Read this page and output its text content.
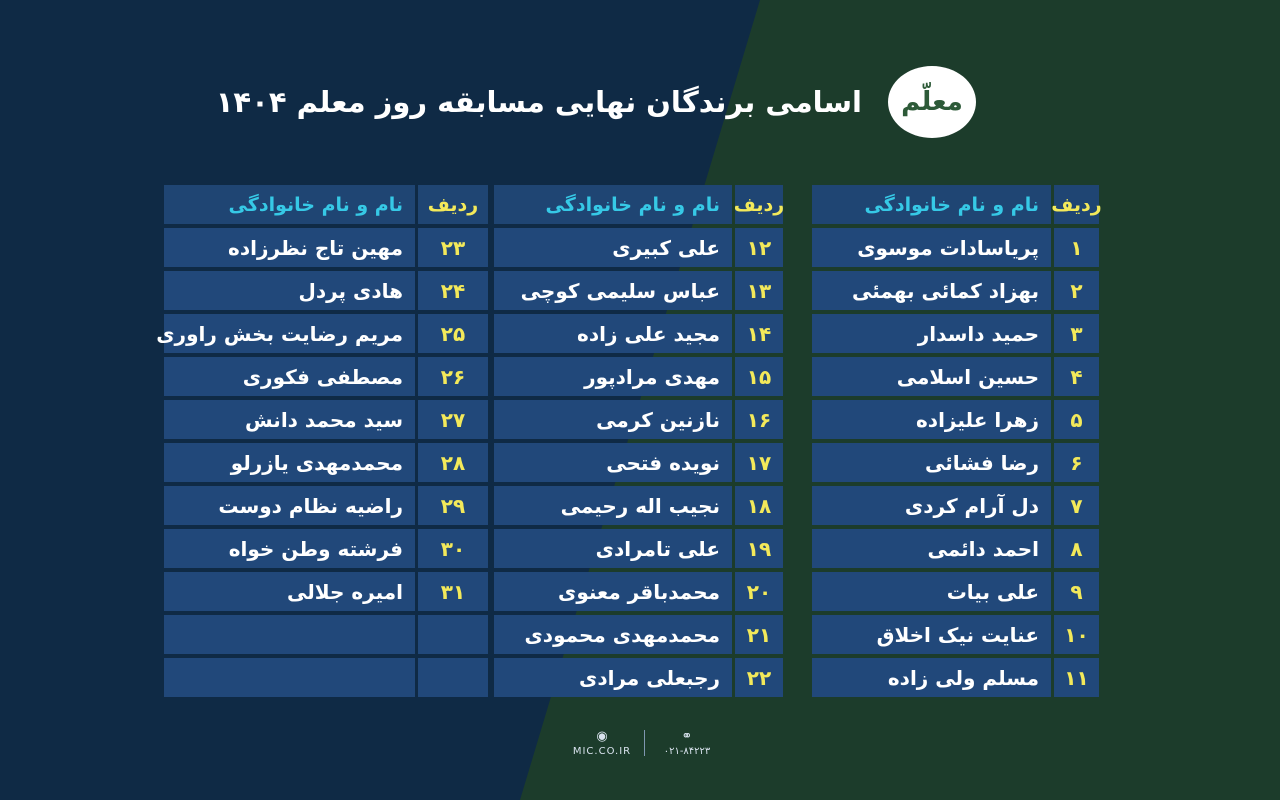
اسامی برندگان نهایی مسابقه روز معلم ۱۴۰۴ معلّم
ردیف
نام و نام خانوادگی
۱
پریاسادات موسوی
۲
بهزاد کمائی بهمئی
۳
حمید داسدار
۴
حسین اسلامی
۵
زهرا علیزاده
۶
رضا فشائی
۷
دل آرام کردی
۸
احمد دائمی
۹
علی بیات
۱۰
عنایت نیک اخلاق
۱۱
مسلم ولی زاده
ردیف
نام و نام خانوادگی
۱۲
علی کبیری
۱۳
عباس سلیمی کوچی
۱۴
مجید علی زاده
۱۵
مهدی مرادپور
۱۶
نازنین کرمی
۱۷
نویده فتحی
۱۸
نجیب اله رحیمی
۱۹
علی تامرادی
۲۰
محمدباقر معنوی
۲۱
محمدمهدی محمودی
۲۲
رجبعلی مرادی
ردیف
نام و نام خانوادگی
۲۳
مهین تاج نظرزاده
۲۴
هادی پردل
۲۵
مریم رضایت بخش راوری
۲۶
مصطفی فکوری
۲۷
سید محمد دانش
۲۸
محمدمهدی یازرلو
۲۹
راضیه نظام دوست
۳۰
فرشته وطن خواه
۳۱
امیره جلالی
◉
MIC.CO.IR
⚭
۰۲۱-۸۴۲۲۳
